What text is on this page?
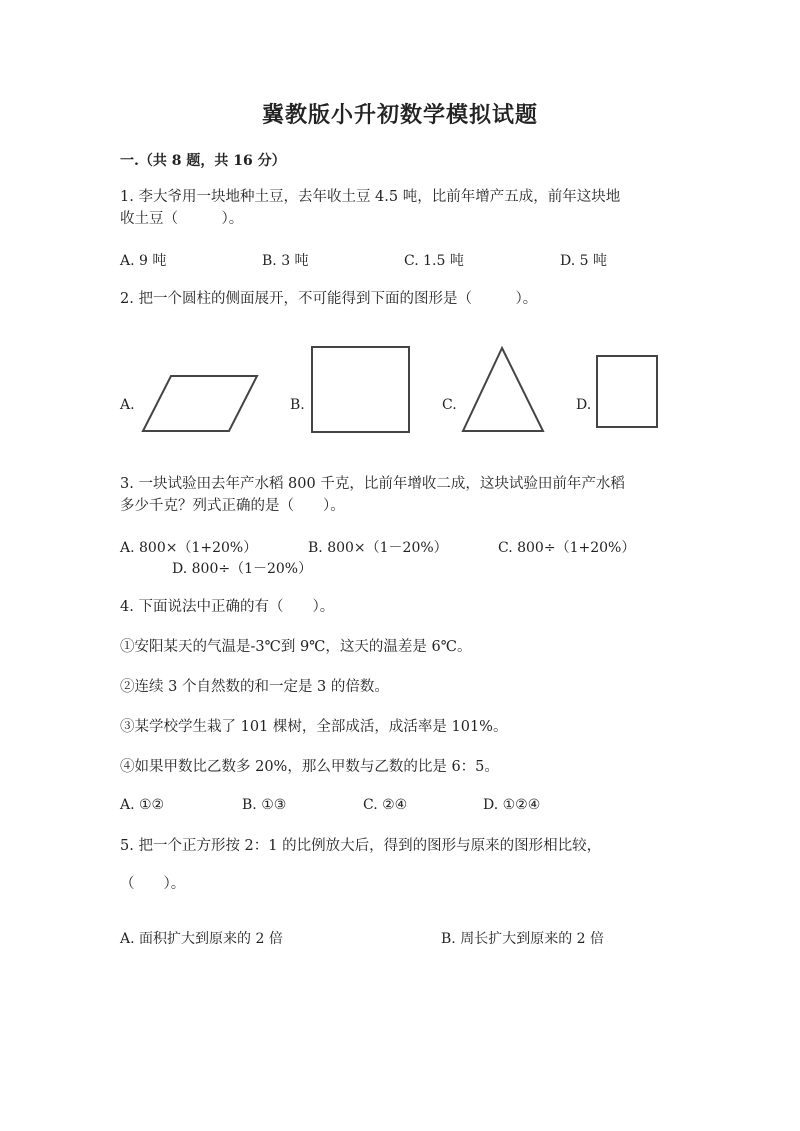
冀教版小升初数学模拟试题
一.（共 8 题，共 16 分）
1. 李大爷用一块地种土豆，去年收土豆 4.5 吨，比前年增产五成，前年这块地
收土豆（　　　）。
A. 9 吨	B. 3 吨	C. 1.5 吨	D. 5 吨
2. 把一个圆柱的侧面展开，不可能得到下面的图形是（　　　）。
A.	B.	C.	D.
3. 一块试验田去年产水稻 800 千克，比前年增收二成，这块试验田前年产水稻
多少千克？列式正确的是（　　）。
A. 800×（1+20%）	B. 800×（1－20%）	C. 800÷（1+20%）
D. 800÷（1－20%）
4. 下面说法中正确的有（　　）。
①安阳某天的气温是-3℃到 9℃，这天的温差是 6℃。
②连续 3 个自然数的和一定是 3 的倍数。
③某学校学生栽了 101 棵树，全部成活，成活率是 101%。
④如果甲数比乙数多 20%，那么甲数与乙数的比是 6：5。
A. ①②	B. ①③	C. ②④	D. ①②④
5. 把一个正方形按 2：1 的比例放大后，得到的图形与原来的图形相比较，
（　　）。
A. 面积扩大到原来的 2 倍	B. 周长扩大到原来的 2 倍
